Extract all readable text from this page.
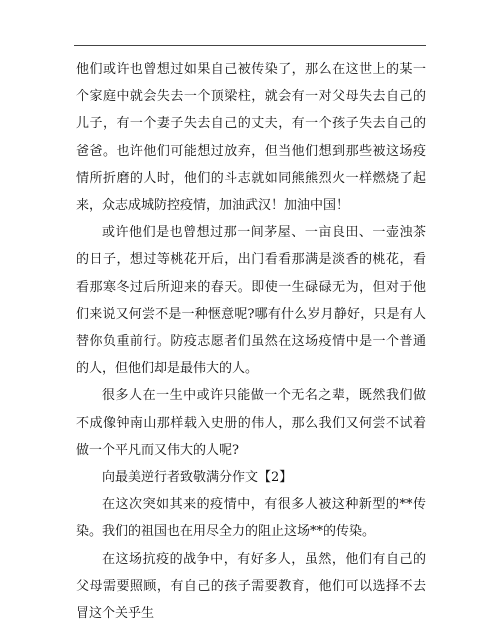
他们或许也曾想过如果自己被传染了，那么在这世上的某一个家庭中就会失去一个顶梁柱，就会有一对父母失去自己的儿子，有一个妻子失去自己的丈夫，有一个孩子失去自己的爸爸。也许他们可能想过放弃，但当他们想到那些被这场疫情所折磨的人时，他们的斗志就如同熊熊烈火一样燃烧了起来，众志成城防控疫情，加油武汉！加油中国！

或许他们是也曾想过那一间茅屋、一亩良田、一壶浊茶的日子，想过等桃花开后，出门看看那满是淡香的桃花，看看那寒冬过后所迎来的春天。即使一生碌碌无为，但对于他们来说又何尝不是一种惬意呢?哪有什么岁月静好，只是有人替你负重前行。防疫志愿者们虽然在这场疫情中是一个普通的人，但他们却是最伟大的人。

很多人在一生中或许只能做一个无名之辈，既然我们做不成像钟南山那样载入史册的伟人，那么我们又何尝不试着做一个平凡而又伟大的人呢?

向最美逆行者致敬满分作文【2】

在这次突如其来的疫情中，有很多人被这种新型的**传染。我们的祖国也在用尽全力的阻止这场**的传染。

在这场抗疫的战争中，有好多人，虽然，他们有自己的父母需要照顾，有自己的孩子需要教育，他们可以选择不去冒这个关乎生
